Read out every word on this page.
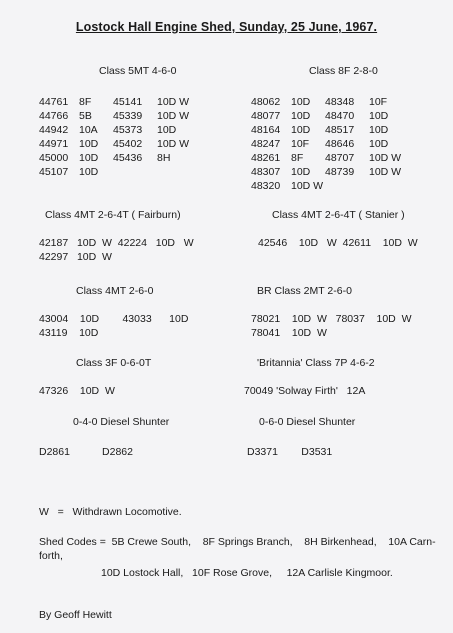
Lostock Hall Engine Shed, Sunday, 25 June, 1967.
Class 5MT 4-6-0
44761	8F	45141	10D W
44766	5B	45339	10D W
44942	10A	45373	10D
44971	10D	45402	10D W
45000	10D	45436	8H
45107	10D
Class 8F 2-8-0
48062	10D	48348	10F
48077	10D	48470	10D
48164	10D	48517	10D
48247	10F	48646	10D
48261	8F	48707	10D W
48307	10D	48739	10D W
48320	10D W
Class 4MT 2-6-4T ( Fairburn)
42187   10D  W  42224   10D   W
42297   10D  W
Class 4MT 2-6-4T ( Stanier )
42546    10D   W  42611    10D  W
Class 4MT 2-6-0
43004    10D        43033      10D
43119    10D
BR Class 2MT 2-6-0
78021    10D  W   78037    10D  W
78041    10D  W
Class 3F 0-6-0T
47326    10D  W
'Britannia' Class 7P 4-6-2
70049 'Solway Firth'   12A
0-4-0 Diesel Shunter
D2861           D2862
0-6-0 Diesel Shunter
D3371        D3531
W   =   Withdrawn Locomotive.
Shed Codes =  5B Crewe South,    8F Springs Branch,    8H Birkenhead,    10A Carn-
forth,
10D Lostock Hall,   10F Rose Grove,     12A Carlisle Kingmoor.
By Geoff Hewitt
